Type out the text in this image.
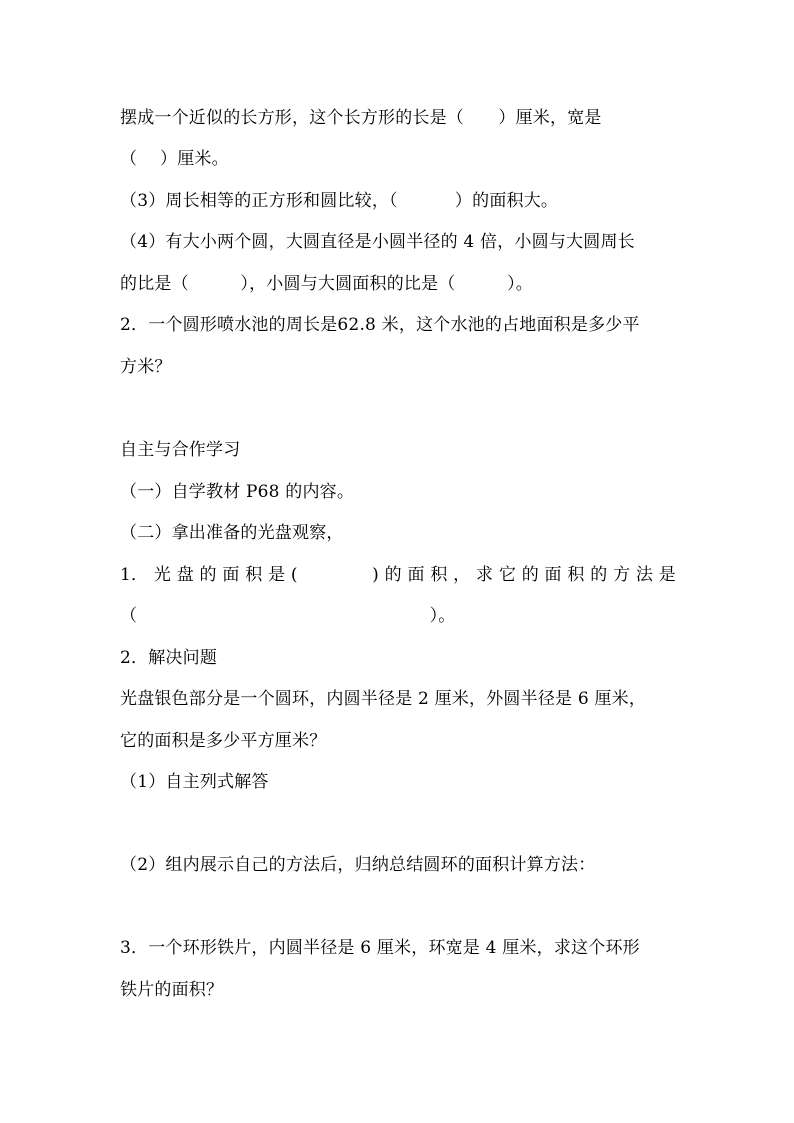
摆成一个近似的长方形，这个长方形的长是（　　）厘米，宽是
（　 ）厘米。
（3）周长相等的正方形和圆比较，（　　　 ）的面积大。
（4）有大小两个圆，大圆直径是小圆半径的 4 倍，小圆与大圆周长
的比是（　　　），小圆与大圆面积的比是（　　　）。
2．一个圆形喷水池的周长是62.8 米，这个水池的占地面积是多少平
方米？
自主与合作学习
（一）自学教材 P68 的内容。
（二）拿出准备的光盘观察，
1． 光 盘 的 面 积 是 (　　　　 ) 的 面 积 ， 求 它 的 面 积 的 方 法 是
（　　　　　　　　　　　　　　　　　）。
2．解决问题
光盘银色部分是一个圆环，内圆半径是 2 厘米，外圆半径是 6 厘米，
它的面积是多少平方厘米？
（1）自主列式解答
（2）组内展示自己的方法后，归纳总结圆环的面积计算方法：
3．一个环形铁片，内圆半径是 6 厘米，环宽是 4 厘米，求这个环形
铁片的面积？
